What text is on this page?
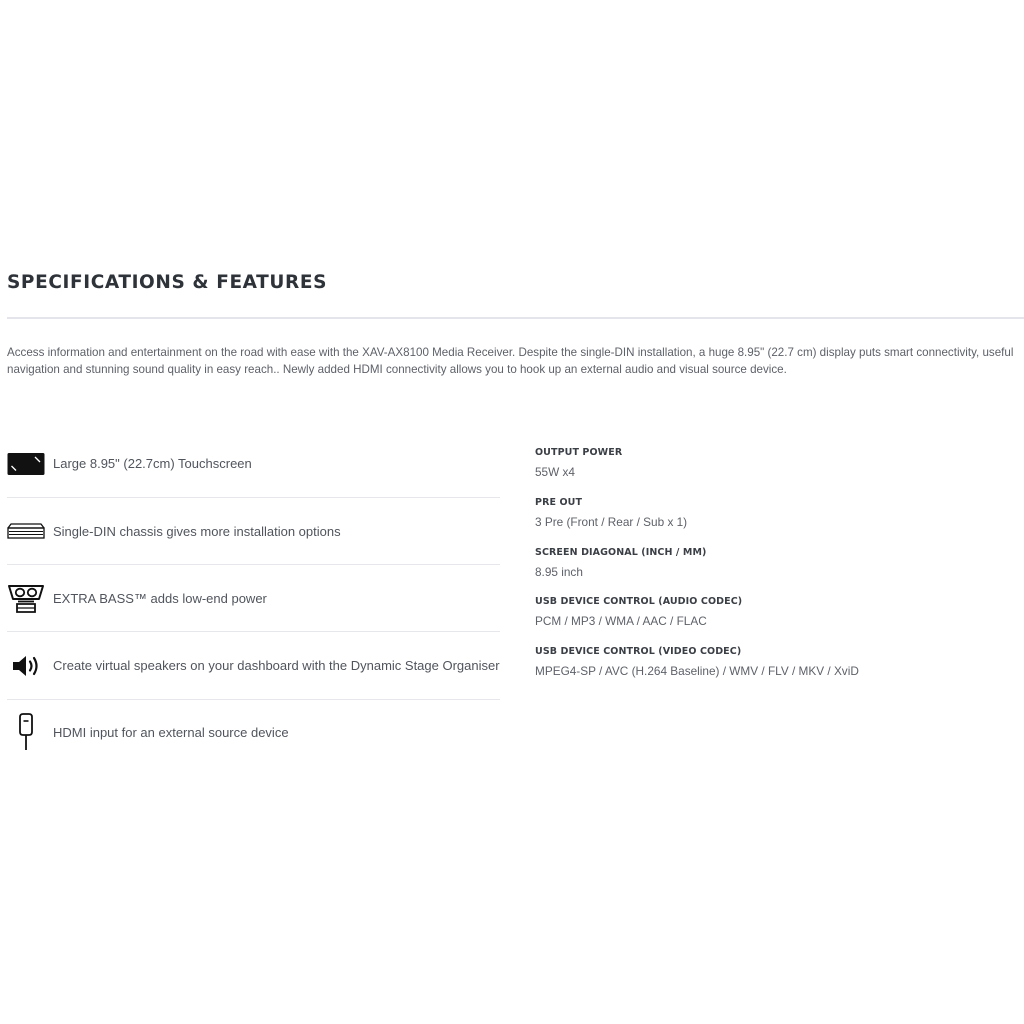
SPECIFICATIONS & FEATURES

Access information and entertainment on the road with ease with the XAV-AX8100 Media Receiver. Despite the single-DIN installation, a huge 8.95" (22.7 cm) display puts smart connectivity, useful navigation and stunning sound quality in easy reach.. Newly added HDMI connectivity allows you to hook up an external audio and visual source device.

Large 8.95" (22.7cm) Touchscreen
Single-DIN chassis gives more installation options
EXTRA BASS™ adds low-end power
Create virtual speakers on your dashboard with the Dynamic Stage Organiser
HDMI input for an external source device
OUTPUT POWER
55W x4
PRE OUT
3 Pre (Front / Rear / Sub x 1)
SCREEN DIAGONAL (INCH / MM)
8.95 inch
USB DEVICE CONTROL (AUDIO CODEC)
PCM / MP3 / WMA / AAC / FLAC
USB DEVICE CONTROL (VIDEO CODEC)
MPEG4-SP / AVC (H.264 Baseline) / WMV / FLV / MKV / XviD
